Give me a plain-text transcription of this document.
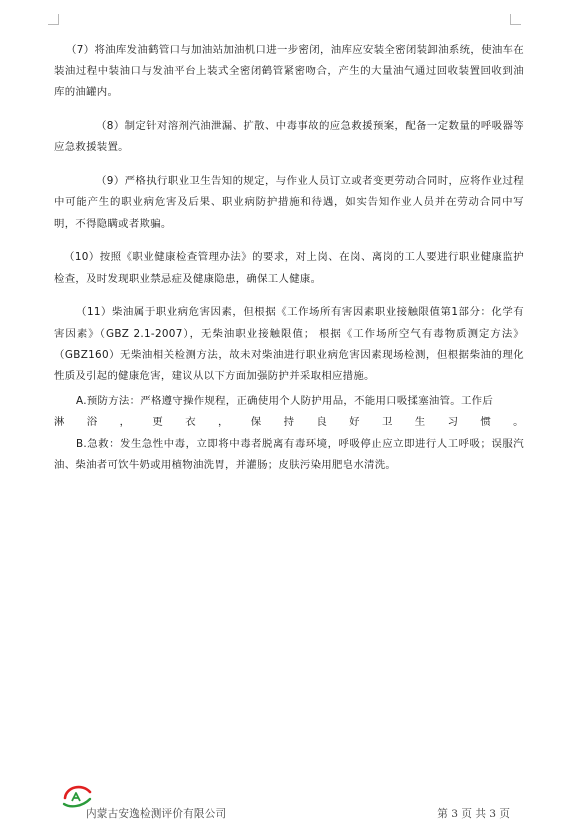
（7）将油库发油鹤管口与加油站加油机口进一步密闭，油库应安装全密闭装卸油系统，使油车在装油过程中装油口与发油平台上装式全密闭鹤管紧密吻合，产生的大量油气通过回收装置回收到油库的油罐内。

（8）制定针对溶剂汽油泄漏、扩散、中毒事故的应急救援预案，配备一定数量的呼吸器等应急救援装置。

（9）严格执行职业卫生告知的规定，与作业人员订立或者变更劳动合同时，应将作业过程中可能产生的职业病危害及后果、职业病防护措施和待遇，如实告知作业人员并在劳动合同中写明，不得隐瞒或者欺骗。

（10）按照《职业健康检查管理办法》的要求，对上岗、在岗、离岗的工人要进行职业健康监护检查，及时发现职业禁忌症及健康隐患，确保工人健康。

（11）柴油属于职业病危害因素，但根据《工作场所有害因素职业接触限值第1部分：化学有害因素》（GBZ 2.1-2007），无柴油职业接触限值； 根据《工作场所空气有毒物质测定方法》（GBZ160）无柴油相关检测方法，故未对柴油进行职业病危害因素现场检测，但根据柴油的理化性质及引起的健康危害，建议从以下方面加强防护并采取相应措施。

A.预防方法：严格遵守操作规程，正确使用个人防护用品，不能用口吸揉塞油管。工作后

淋 浴 ， 更 衣 ， 保 持 良 好 卫 生 习 惯 。

B.急救：发生急性中毒，立即将中毒者脱离有毒环境，呼吸停止应立即进行人工呼吸；误服汽油、柴油者可饮牛奶或用植物油洗胃，并灌肠；皮肤污染用肥皂水清洗。

内蒙古安逸检测评价有限公司	第 3 页 共 3 页
